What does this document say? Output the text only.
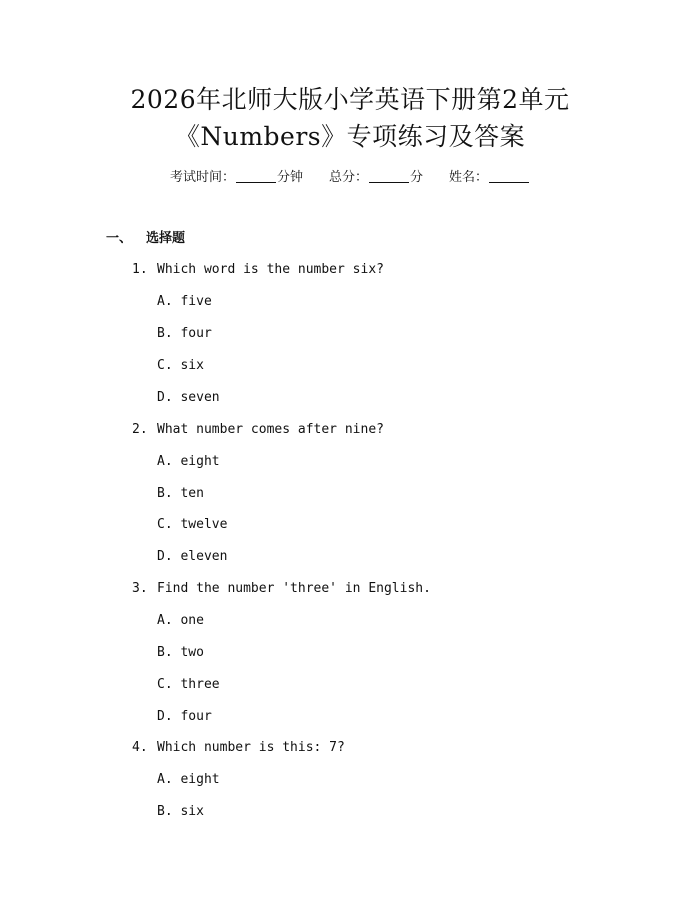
2026年北师大版小学英语下册第2单元
《Numbers》专项练习及答案
考试时间：	分钟 总分：	分 姓名：
一、 选择题
1. Which word is the number six?
A. five
B. four
C. six
D. seven
2. What number comes after nine?
A. eight
B. ten
C. twelve
D. eleven
3. Find the number 'three' in English.
A. one
B. two
C. three
D. four
4. Which number is this: 7?
A. eight
B. six
